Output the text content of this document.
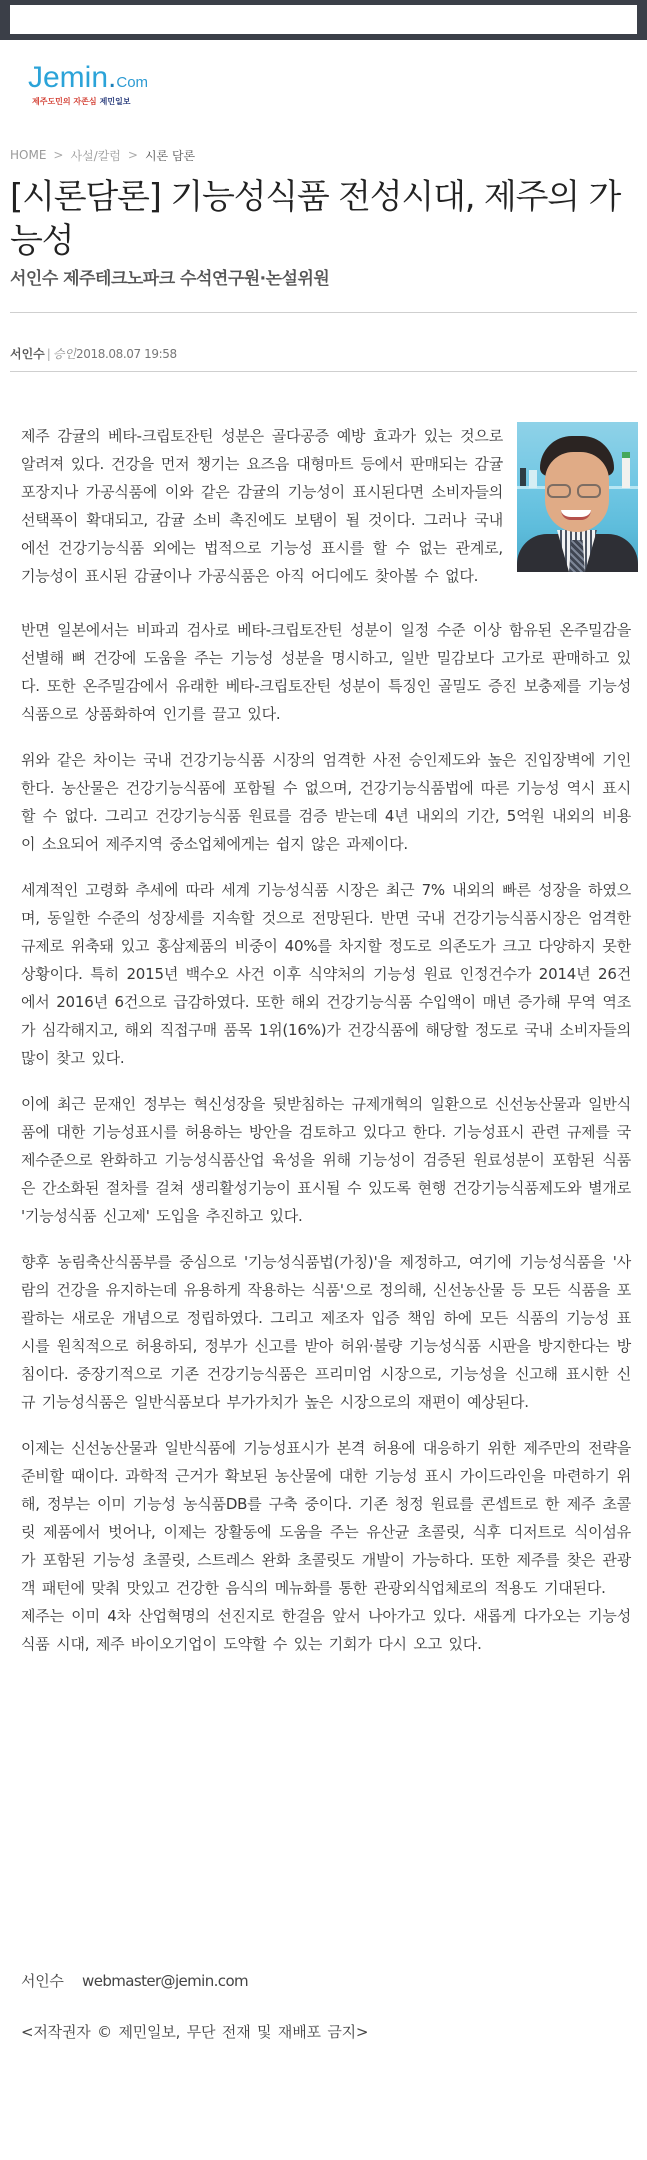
Jemin.Com
제주도민의 자존심 제민일보
HOME > 사설/칼럼 > 시론 담론
[시론담론] 기능성식품 전성시대, 제주의 가능성
서인수 제주테크노파크 수석연구원·논설위원
서인수 | 승인 2018.08.07 19:58

제주 감귤의 베타-크립토잔틴 성분은 골다공증 예방 효과가 있는 것으로 알려져 있다. 건강을 먼저 챙기는 요즈음 대형마트 등에서 판매되는 감귤 포장지나 가공식품에 이와 같은 감귤의 기능성이 표시된다면 소비자들의 선택폭이 확대되고, 감귤 소비 촉진에도 보탬이 될 것이다. 그러나 국내에선 건강기능식품 외에는 법적으로 기능성 표시를 할 수 없는 관계로, 기능성이 표시된 감귤이나 가공식품은 아직 어디에도 찾아볼 수 없다.

반면 일본에서는 비파괴 검사로 베타-크립토잔틴 성분이 일정 수준 이상 함유된 온주밀감을 선별해 뼈 건강에 도움을 주는 기능성 성분을 명시하고, 일반 밀감보다 고가로 판매하고 있다. 또한 온주밀감에서 유래한 베타-크립토잔틴 성분이 특징인 골밀도 증진 보충제를 기능성식품으로 상품화하여 인기를 끌고 있다.

위와 같은 차이는 국내 건강기능식품 시장의 엄격한 사전 승인제도와 높은 진입장벽에 기인한다. 농산물은 건강기능식품에 포함될 수 없으며, 건강기능식품법에 따른 기능성 역시 표시할 수 없다. 그리고 건강기능식품 원료를 검증 받는데 4년 내외의 기간, 5억원 내외의 비용이 소요되어 제주지역 중소업체에게는 쉽지 않은 과제이다.

세계적인 고령화 추세에 따라 세계 기능성식품 시장은 최근 7% 내외의 빠른 성장을 하였으며, 동일한 수준의 성장세를 지속할 것으로 전망된다. 반면 국내 건강기능식품시장은 엄격한 규제로 위축돼 있고 홍삼제품의 비중이 40%를 차지할 정도로 의존도가 크고 다양하지 못한 상황이다. 특히 2015년 백수오 사건 이후 식약처의 기능성 원료 인정건수가 2014년 26건에서 2016년 6건으로 급감하였다. 또한 해외 건강기능식품 수입액이 매년 증가해 무역 역조가 심각해지고, 해외 직접구매 품목 1위(16%)가 건강식품에 해당할 정도로 국내 소비자들의 많이 찾고 있다.

이에 최근 문재인 정부는 혁신성장을 뒷받침하는 규제개혁의 일환으로 신선농산물과 일반식품에 대한 기능성표시를 허용하는 방안을 검토하고 있다고 한다. 기능성표시 관련 규제를 국제수준으로 완화하고 기능성식품산업 육성을 위해 기능성이 검증된 원료성분이 포함된 식품은 간소화된 절차를 걸쳐 생리활성기능이 표시될 수 있도록 현행 건강기능식품제도와 별개로 '기능성식품 신고제' 도입을 추진하고 있다.

향후 농림축산식품부를 중심으로 '기능성식품법(가칭)'을 제정하고, 여기에 기능성식품을 '사람의 건강을 유지하는데 유용하게 작용하는 식품'으로 정의해, 신선농산물 등 모든 식품을 포괄하는 새로운 개념으로 정립하였다. 그리고 제조자 입증 책임 하에 모든 식품의 기능성 표시를 원칙적으로 허용하되, 정부가 신고를 받아 허위·불량 기능성식품 시판을 방지한다는 방침이다. 중장기적으로 기존 건강기능식품은 프리미엄 시장으로, 기능성을 신고해 표시한 신규 기능성식품은 일반식품보다 부가가치가 높은 시장으로의 재편이 예상된다.

이제는 신선농산물과 일반식품에 기능성표시가 본격 허용에 대응하기 위한 제주만의 전략을 준비할 때이다. 과학적 근거가 확보된 농산물에 대한 기능성 표시 가이드라인을 마련하기 위해, 정부는 이미 기능성 농식품DB를 구축 중이다. 기존 청정 원료를 콘셉트로 한 제주 초콜릿 제품에서 벗어나, 이제는 장활동에 도움을 주는 유산균 초콜릿, 식후 디저트로 식이섬유가 포함된 기능성 초콜릿, 스트레스 완화 초콜릿도 개발이 가능하다. 또한 제주를 찾은 관광객 패턴에 맞춰 맛있고 건강한 음식의 메뉴화를 통한 관광외식업체로의 적용도 기대된다.

제주는 이미 4차 산업혁명의 선진지로 한걸음 앞서 나아가고 있다. 새롭게 다가오는 기능성식품 시대, 제주 바이오기업이 도약할 수 있는 기회가 다시 오고 있다.

서인수 webmaster@jemin.com
<저작권자 © 제민일보, 무단 전재 및 재배포 금지>
